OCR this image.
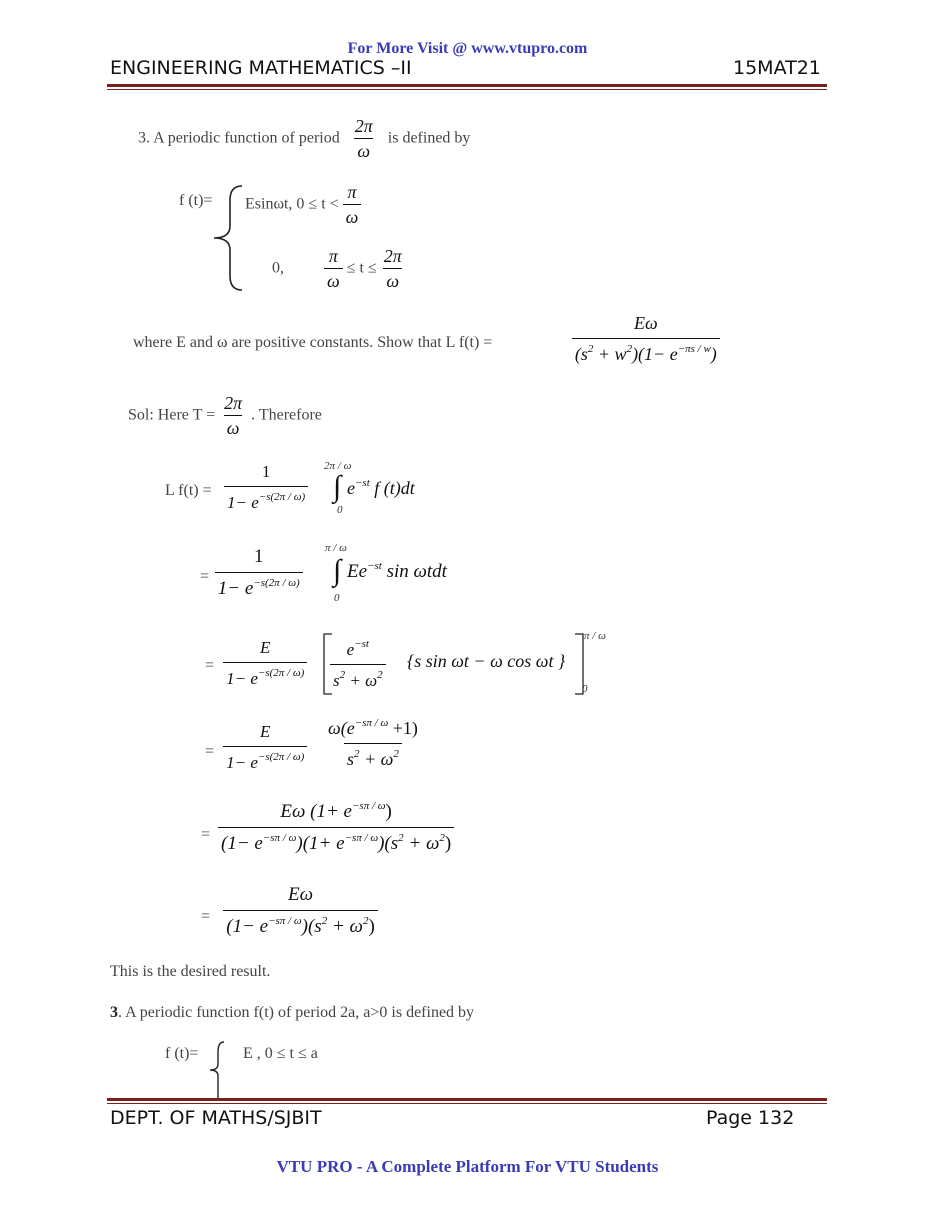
For More Visit @ www.vtupro.com
ENGINEERING MATHEMATICS –II	15MAT21
3. A periodic function of period $\frac{2\pi}{\omega}$ is defined by
f (t)= Esinωt, $0 \le t < \frac{\pi}{\omega}$
0, $\frac{\pi}{\omega} \le t \le \frac{2\pi}{\omega}$
where E and ω are positive constants. Show that L f(t) =	$\frac{E\omega}{(s^2 + w^2)(1- e^{-\pi s / w})}$
Sol: Here $T = \frac{2\pi}{\omega}$ . Therefore
L $f(t) = \frac{1}{1- e^{-s(2\pi / \omega)}} 2\pi / \omega$
∫
0
$e^{-st}$ f (t)dt
= $\frac{1}{1- e^{-s(2\pi / \omega)}}$ π / ω
∫
0
$Ee^{-st}$ sin ωtdt
= $\frac{E}{1- e^{-s(2\pi / \omega)}} \frac{e^{-st}}{s^2 + \omega^2} \{s$ sin ωt − ω cos ωt }
π / ω
0
= $\frac{E}{1- e^{-s(2\pi / \omega)}} \frac{\omega(e^{-s\pi / \omega} +1)}{s^2 + \omega^2}$
= $\frac{E\omega (1+ e^{-s\pi / \omega})}{(1- e^{-s\pi / \omega})(1+ e^{-s\pi / \omega})(s^2 + \omega^2)}$
= $\frac{E\omega}{(1- e^{-s\pi / \omega})(s^2 + \omega^2)}$
This is the desired result.
3. A periodic function f(t) of period 2a, a>0 is defined by
f (t)=	E , 0 ≤ t ≤ a
DEPT. OF MATHS/SJBIT	Page 132
VTU PRO - A Complete Platform For VTU Students
